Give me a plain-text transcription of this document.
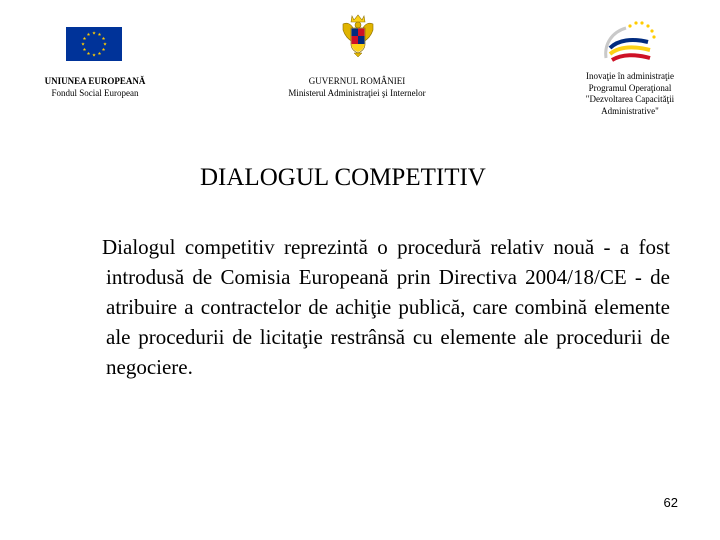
UNIUNEA EUROPEANĂ
Fondul Social European
GUVERNUL ROMÂNIEI
Ministerul Administraţiei şi Internelor
Inovaţie în administraţie
Programul Operaţional
"Dezvoltarea Capacităţii
Administrative"
DIALOGUL COMPETITIV
Dialogul competitiv reprezintă o procedură relativ nouă - a fost introdusă de Comisia Europeană prin Directiva 2004/18/CE - de atribuire a contractelor de achiţie publică, care combină elemente ale procedurii de licitaţie restrânsă cu elemente ale procedurii de negociere.
62
